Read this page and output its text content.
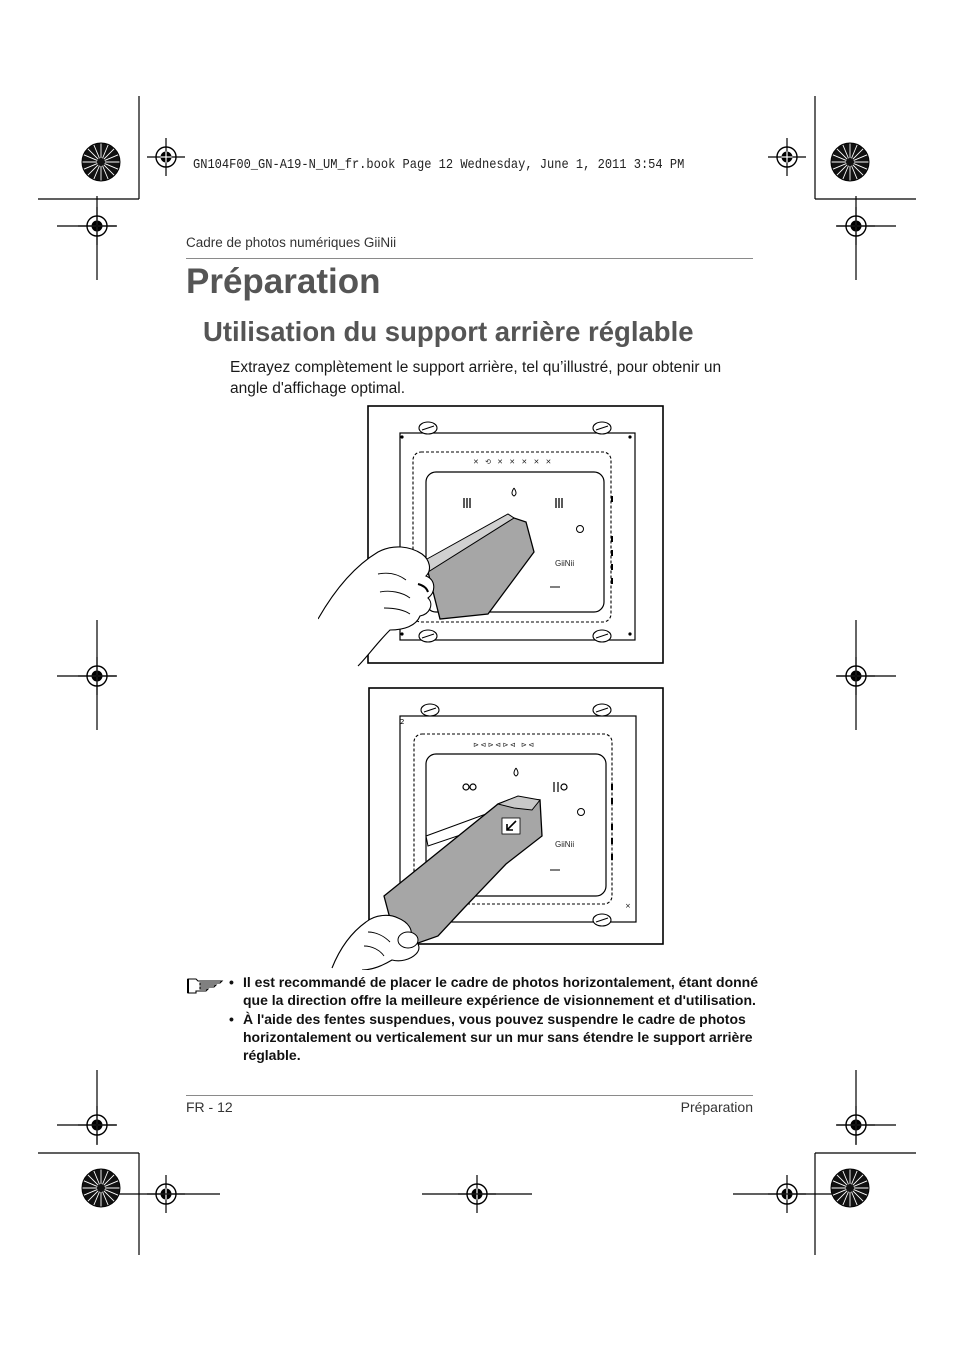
GN104F00_GN-A19-N_UM_fr.book Page 12 Wednesday, June 1, 2011 3:54 PM
Cadre de photos numériques GiiNii
Préparation
Utilisation du support arrière réglable
Extrayez complètement le support arrière, tel qu’illustré, pour obtenir un angle d'affichage optimal.
✕ ⟲ ✕ ✕ ✕ ✕ ✕
GiiNii
2
×
⊳⊲⊳⊲⊳⊲ ⊳⊲
GiiNii
• Il est recommandé de placer le cadre de photos horizontalement, étant donné que la direction offre la meilleure expérience de visionnement et d'utilisation.
• À l'aide des fentes suspendues, vous pouvez suspendre le cadre de photos horizontalement ou verticalement sur un mur sans étendre le support arrière réglable.
FR - 12	Préparation
